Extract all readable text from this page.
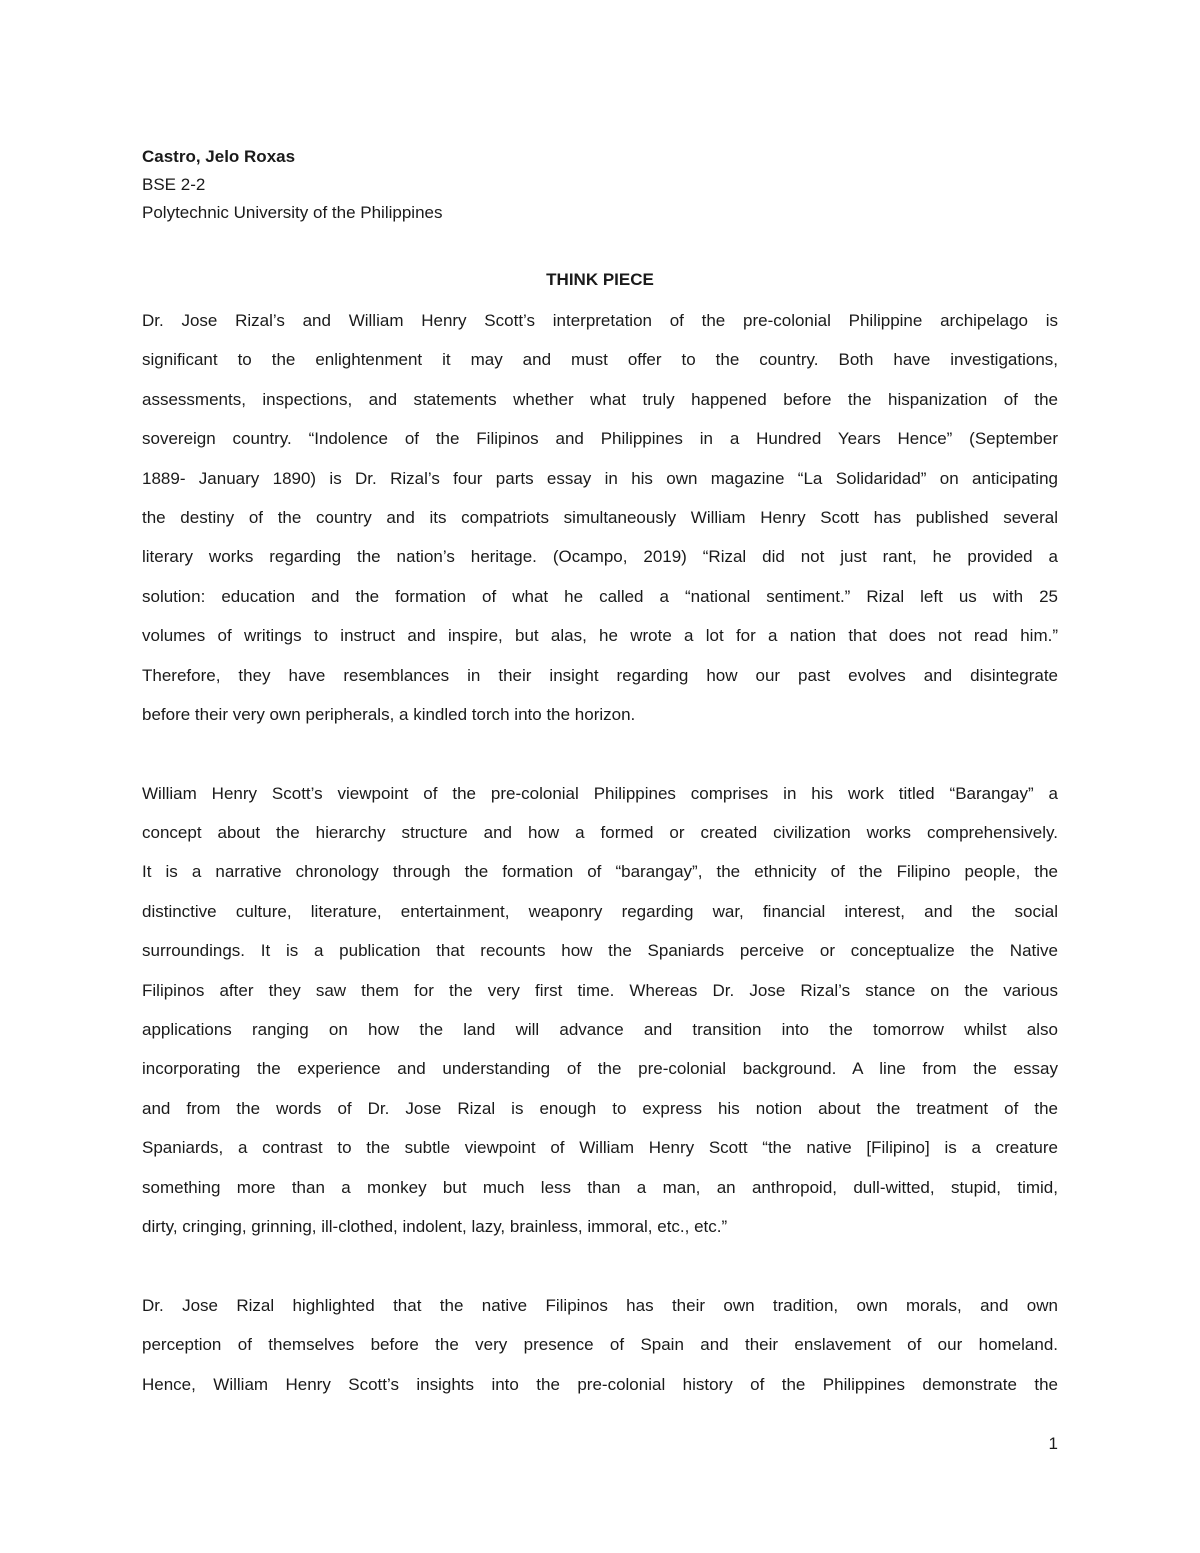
Castro, Jelo Roxas
BSE 2-2
Polytechnic University of the Philippines
THINK PIECE
Dr. Jose Rizal’s and William Henry Scott’s interpretation of the pre-colonial Philippine archipelago is
significant to the enlightenment it may and must offer to the country. Both have investigations,
assessments, inspections, and statements whether what truly happened before the hispanization of the
sovereign country. “Indolence of the Filipinos and Philippines in a Hundred Years Hence” (September
1889- January 1890) is Dr. Rizal’s four parts essay in his own magazine “La Solidaridad” on anticipating
the destiny of the country and its compatriots simultaneously William Henry Scott has published several
literary works regarding the nation’s heritage. (Ocampo, 2019) “Rizal did not just rant, he provided a
solution: education and the formation of what he called a “national sentiment.” Rizal left us with 25
volumes of writings to instruct and inspire, but alas, he wrote a lot for a nation that does not read him.”
Therefore, they have resemblances in their insight regarding how our past evolves and disintegrate
before their very own peripherals, a kindled torch into the horizon.
William Henry Scott’s viewpoint of the pre-colonial Philippines comprises in his work titled “Barangay” a
concept about the hierarchy structure and how a formed or created civilization works comprehensively.
It is a narrative chronology through the formation of “barangay”, the ethnicity of the Filipino people, the
distinctive culture, literature, entertainment, weaponry regarding war, financial interest, and the social
surroundings. It is a publication that recounts how the Spaniards perceive or conceptualize the Native
Filipinos after they saw them for the very first time. Whereas Dr. Jose Rizal’s stance on the various
applications ranging on how the land will advance and transition into the tomorrow whilst also
incorporating the experience and understanding of the pre-colonial background. A line from the essay
and from the words of Dr. Jose Rizal is enough to express his notion about the treatment of the
Spaniards, a contrast to the subtle viewpoint of William Henry Scott “the native [Filipino] is a creature
something more than a monkey but much less than a man, an anthropoid, dull-witted, stupid, timid,
dirty, cringing, grinning, ill-clothed, indolent, lazy, brainless, immoral, etc., etc.”
Dr. Jose Rizal highlighted that the native Filipinos has their own tradition, own morals, and own
perception of themselves before the very presence of Spain and their enslavement of our homeland.
Hence, William Henry Scott’s insights into the pre-colonial history of the Philippines demonstrate the
1
